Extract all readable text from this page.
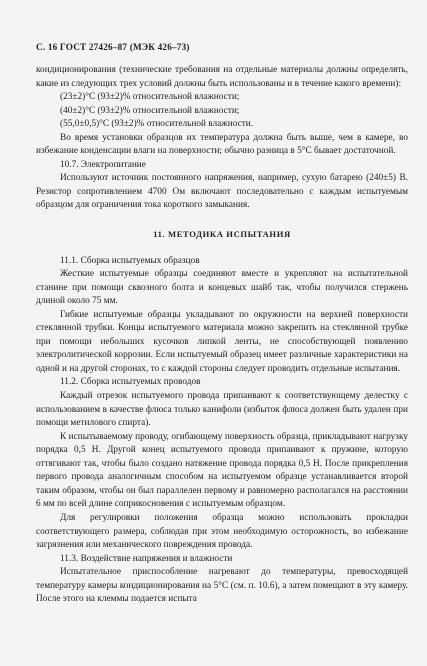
С. 16 ГОСТ 27426–87 (МЭК 426–73)

кондиционирования (технические требования на отдельные материалы должны определять, какие из следующих трех условий должны быть использованы и в течение какого времени):

(23±2)°С (93±2)% относительной влажности;

(40±2)°С (93±2)% относительной влажности;

(55,0±0,5)°С (93±2)% относительной влажности.

Во время установки образцов их температура должна быть выше, чем в камере, во избежание конденсации влаги на поверхности; обычно разница в 5°С бывает достаточной.

10.7. Электропитание

Используют источник постоянного напряжения, например, сухую батарею (240±5) В. Резистор сопротивлением 4700 Ом включают последовательно с каждым испытуемым образцом для ограничения тока короткого замыкания.

11. МЕТОДИКА ИСПЫТАНИЯ

11.1. Сборка испытуемых образцов

Жесткие испытуемые образцы соединяют вместе и укрепляют на испытательной станине при помощи сквозного болта и концевых шайб так, чтобы получился стержень длиной около 75 мм.

Гибкие испытуемые образцы укладывают по окружности на верхней поверхности стеклянной трубки. Концы испытуемого материала можно закрепить на стеклянной трубке при помощи небольших кусочков липкой ленты, не способствующей появлению электролитической коррозии. Если испытуемый образец имеет различные характеристики на одной и на другой сторонах, то с каждой стороны следует проводить отдельные испытания.

11.2. Сборка испытуемых проводов

Каждый отрезок испытуемого провода припаивают к соответствующему делестку с использованием в качестве флюса только канифоли (избыток флюса должен быть удален при помощи метилового спирта).

К испытываемому проводу, огибающему поверхность образца, прикладывают нагрузку порядка 0,5 Н. Другой конец испытуемого провода припаивают к пружине, которую оттягивают так, чтобы было создано натяжение провода порядка 0,5 Н. После прикрепления первого провода аналогичным способом на испытуемом образце устанавливается второй таким образом, чтобы он был параллелен первому и равномерно располагался на расстоянии 6 мм по всей длине соприкосновения с испытуемым образцом.

Для регулировки положения образца можно использовать прокладки соответствующего размера, соблюдая при этом необходимую осторожность, во избежание загрязнения или механического повреждения провода.

11.3. Воздействие напряжения и влажности

Испытательное приспособление нагревают до температуры, превосходящей температуру камеры кондиционирования на 5°С (см. п. 10.6), а затем помещают в эту камеру. После этого на клеммы подается испыта
